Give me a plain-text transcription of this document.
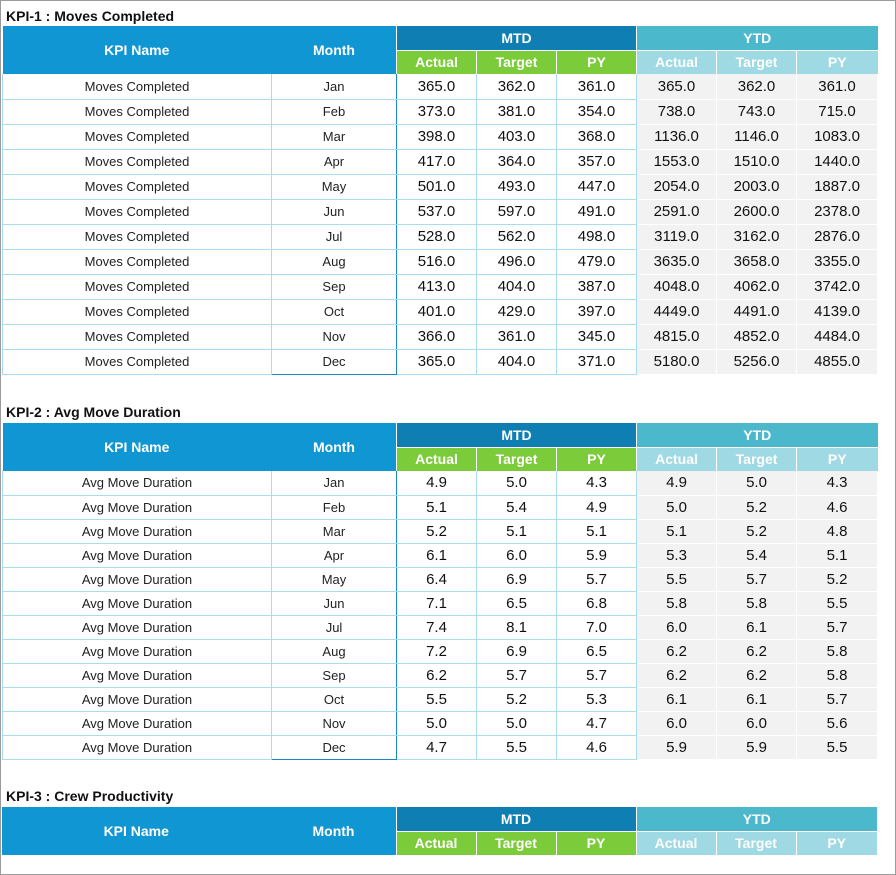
KPI-1 : Moves Completed
KPI Name	Month	MTD			YTD		
		Actual	Target	PY	Actual	Target	PY
Moves Completed	Jan	365.0	362.0	361.0	365.0	362.0	361.0
Moves Completed	Feb	373.0	381.0	354.0	738.0	743.0	715.0
Moves Completed	Mar	398.0	403.0	368.0	1136.0	1146.0	1083.0
Moves Completed	Apr	417.0	364.0	357.0	1553.0	1510.0	1440.0
Moves Completed	May	501.0	493.0	447.0	2054.0	2003.0	1887.0
Moves Completed	Jun	537.0	597.0	491.0	2591.0	2600.0	2378.0
Moves Completed	Jul	528.0	562.0	498.0	3119.0	3162.0	2876.0
Moves Completed	Aug	516.0	496.0	479.0	3635.0	3658.0	3355.0
Moves Completed	Sep	413.0	404.0	387.0	4048.0	4062.0	3742.0
Moves Completed	Oct	401.0	429.0	397.0	4449.0	4491.0	4139.0
Moves Completed	Nov	366.0	361.0	345.0	4815.0	4852.0	4484.0
Moves Completed	Dec	365.0	404.0	371.0	5180.0	5256.0	4855.0
KPI-2 : Avg Move Duration
KPI Name	Month	MTD			YTD		
		Actual	Target	PY	Actual	Target	PY
Avg Move Duration	Jan	4.9	5.0	4.3	4.9	5.0	4.3
Avg Move Duration	Feb	5.1	5.4	4.9	5.0	5.2	4.6
Avg Move Duration	Mar	5.2	5.1	5.1	5.1	5.2	4.8
Avg Move Duration	Apr	6.1	6.0	5.9	5.3	5.4	5.1
Avg Move Duration	May	6.4	6.9	5.7	5.5	5.7	5.2
Avg Move Duration	Jun	7.1	6.5	6.8	5.8	5.8	5.5
Avg Move Duration	Jul	7.4	8.1	7.0	6.0	6.1	5.7
Avg Move Duration	Aug	7.2	6.9	6.5	6.2	6.2	5.8
Avg Move Duration	Sep	6.2	5.7	5.7	6.2	6.2	5.8
Avg Move Duration	Oct	5.5	5.2	5.3	6.1	6.1	5.7
Avg Move Duration	Nov	5.0	5.0	4.7	6.0	6.0	5.6
Avg Move Duration	Dec	4.7	5.5	4.6	5.9	5.9	5.5
KPI-3 : Crew Productivity
KPI Name	Month	MTD			YTD		
		Actual	Target	PY	Actual	Target	PY
